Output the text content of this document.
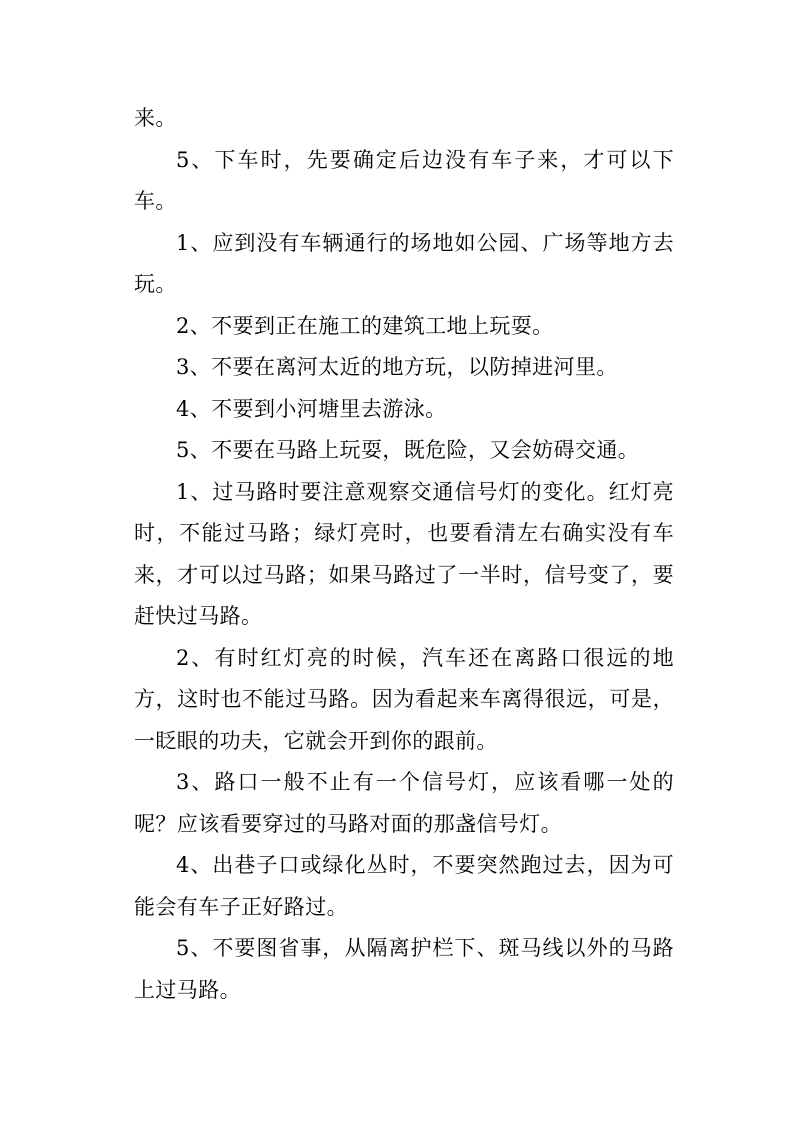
来。

5、下车时，先要确定后边没有车子来，才可以下车。

1、应到没有车辆通行的场地如公园、广场等地方去玩。

2、不要到正在施工的建筑工地上玩耍。

3、不要在离河太近的地方玩，以防掉进河里。

4、不要到小河塘里去游泳。

5、不要在马路上玩耍，既危险，又会妨碍交通。

1、过马路时要注意观察交通信号灯的变化。红灯亮时，不能过马路；绿灯亮时，也要看清左右确实没有车来，才可以过马路；如果马路过了一半时，信号变了，要赶快过马路。

2、有时红灯亮的时候，汽车还在离路口很远的地方，这时也不能过马路。因为看起来车离得很远，可是，一眨眼的功夫，它就会开到你的跟前。

3、路口一般不止有一个信号灯，应该看哪一处的呢？应该看要穿过的马路对面的那盏信号灯。

4、出巷子口或绿化丛时，不要突然跑过去，因为可能会有车子正好路过。

5、不要图省事，从隔离护栏下、斑马线以外的马路上过马路。
